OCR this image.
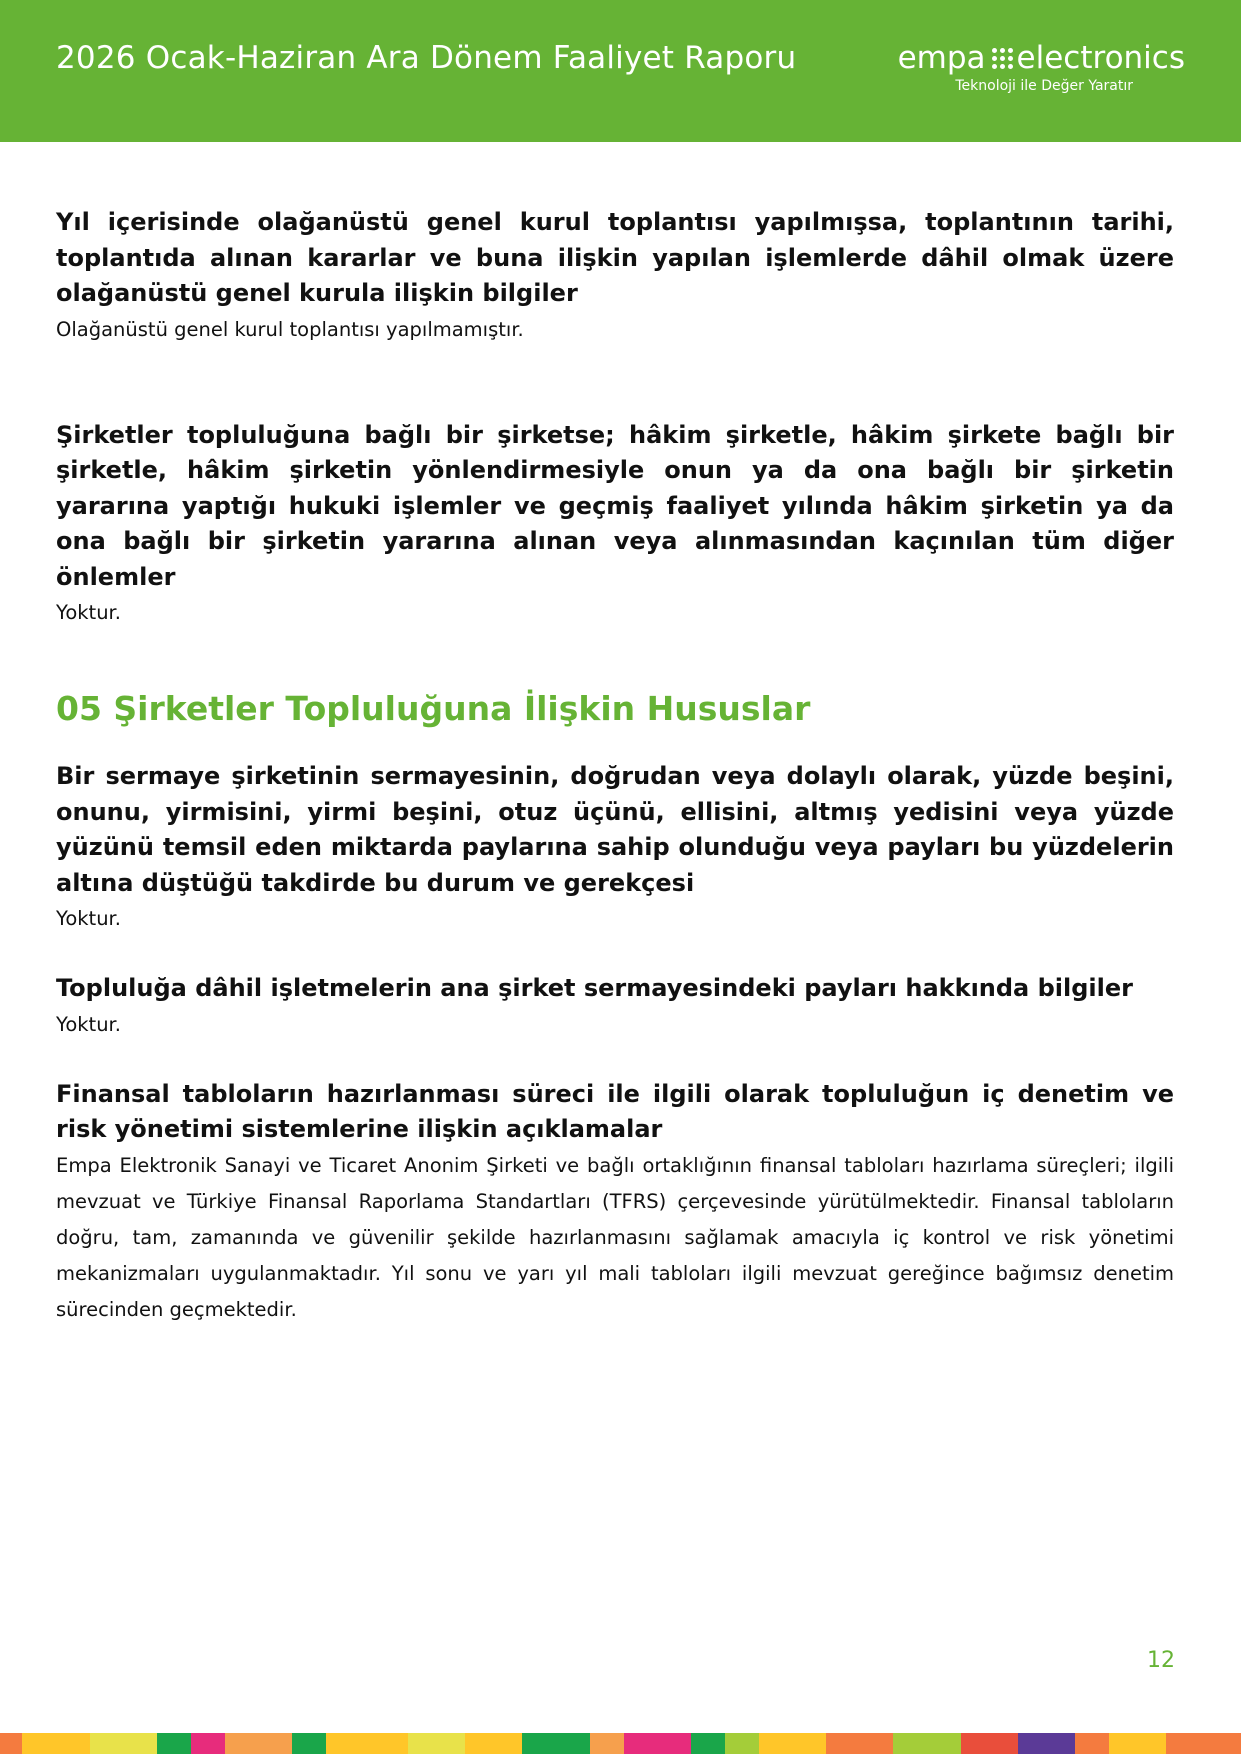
2026 Ocak-Haziran Ara Dönem Faaliyet Raporu	empa electronics
Teknoloji ile Değer Yaratır

Yıl içerisinde olağanüstü genel kurul toplantısı yapılmışsa, toplantının tarihi, toplantıda alınan kararlar ve buna ilişkin yapılan işlemlerde dâhil olmak üzere olağanüstü genel kurula ilişkin bilgiler

Olağanüstü genel kurul toplantısı yapılmamıştır.

Şirketler topluluğuna bağlı bir şirketse; hâkim şirketle, hâkim şirkete bağlı bir şirketle, hâkim şirketin yönlendirmesiyle onun ya da ona bağlı bir şirketin yararına yaptığı hukuki işlemler ve geçmiş faaliyet yılında hâkim şirketin ya da ona bağlı bir şirketin yararına alınan veya alınmasından kaçınılan tüm diğer önlemler

Yoktur.

05 Şirketler Topluluğuna İlişkin Hususlar

Bir sermaye şirketinin sermayesinin, doğrudan veya dolaylı olarak, yüzde beşini, onunu, yirmisini, yirmi beşini, otuz üçünü, ellisini, altmış yedisini veya yüzde yüzünü temsil eden miktarda paylarına sahip olunduğu veya payları bu yüzdelerin altına düştüğü takdirde bu durum ve gerekçesi

Yoktur.

Topluluğa dâhil işletmelerin ana şirket sermayesindeki payları hakkında bilgiler

Yoktur.

Finansal tabloların hazırlanması süreci ile ilgili olarak topluluğun iç denetim ve risk yönetimi sistemlerine ilişkin açıklamalar

Empa Elektronik Sanayi ve Ticaret Anonim Şirketi ve bağlı ortaklığının finansal tabloları hazırlama süreçleri; ilgili mevzuat ve Türkiye Finansal Raporlama Standartları (TFRS) çerçevesinde yürütülmektedir. Finansal tabloların doğru, tam, zamanında ve güvenilir şekilde hazırlanmasını sağlamak amacıyla iç kontrol ve risk yönetimi mekanizmaları uygulanmaktadır. Yıl sonu ve yarı yıl mali tabloları ilgili mevzuat gereğince bağımsız denetim sürecinden geçmektedir.

12
